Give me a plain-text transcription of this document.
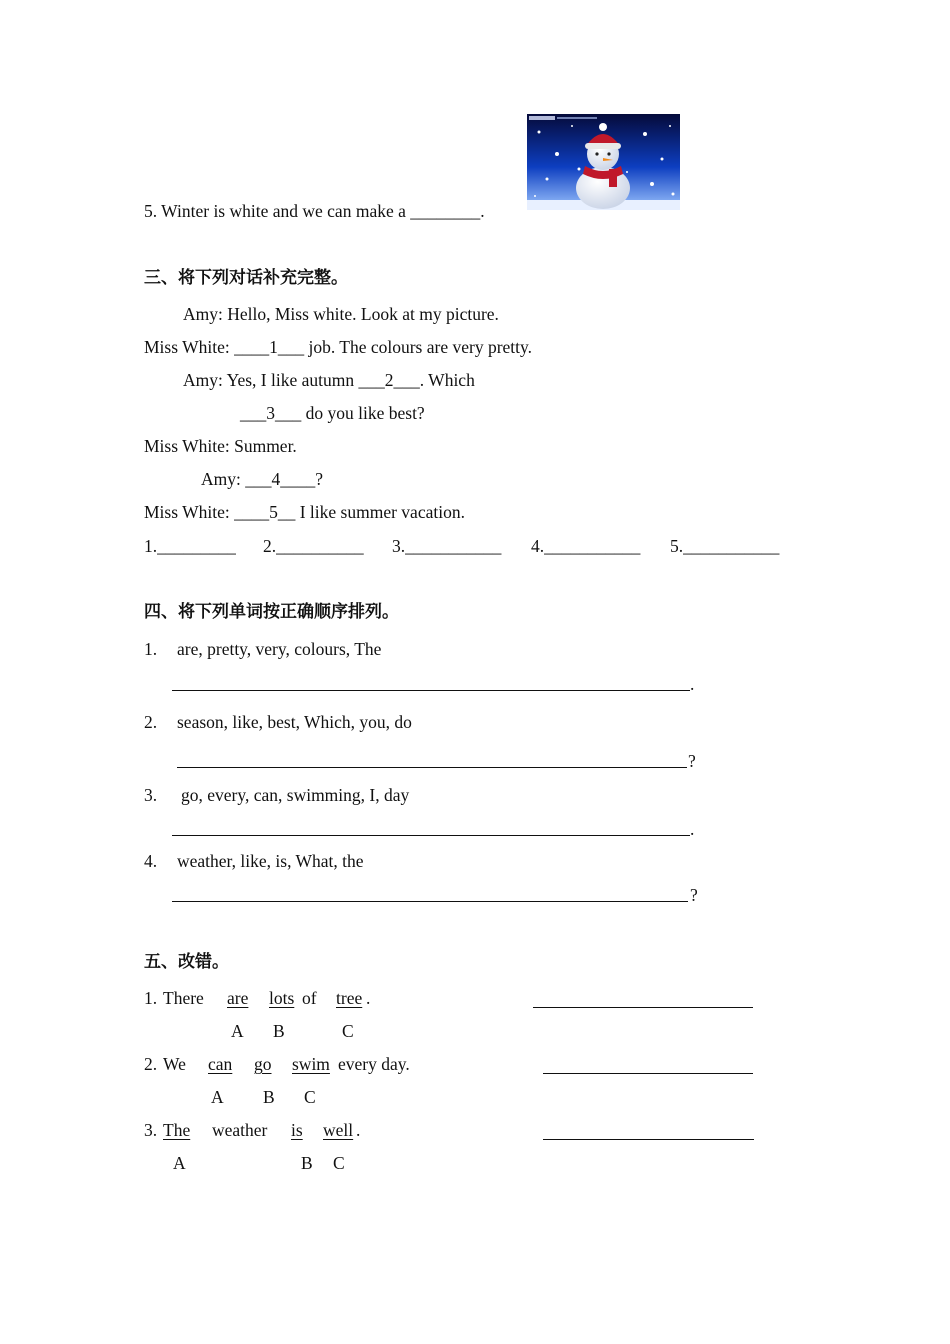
5. Winter is white and we can make a ________.
三、将下列对话补充完整。
Amy: Hello, Miss white. Look at my picture.
Miss White: ____1___ job. The colours are very pretty.
Amy: Yes, I like autumn ___2___. Which
___3___ do you like best?
Miss White: Summer.
Amy: ___4____?
Miss White: ____5__ I like summer vacation.
1._________ 2.__________ 3.___________ 4.___________ 5.___________
四、将下列单词按正确顺序排列。
1. are, pretty, very, colours, The
.
2. season, like, best, Which, you, do
?
3. go, every, can, swimming, I, day
.
4. weather, like, is, What, the
?
五、改错。
1. There are lots of tree .
A B	C
2. We can go swim every day.
A B C
3. The weather is well .
A	B C
